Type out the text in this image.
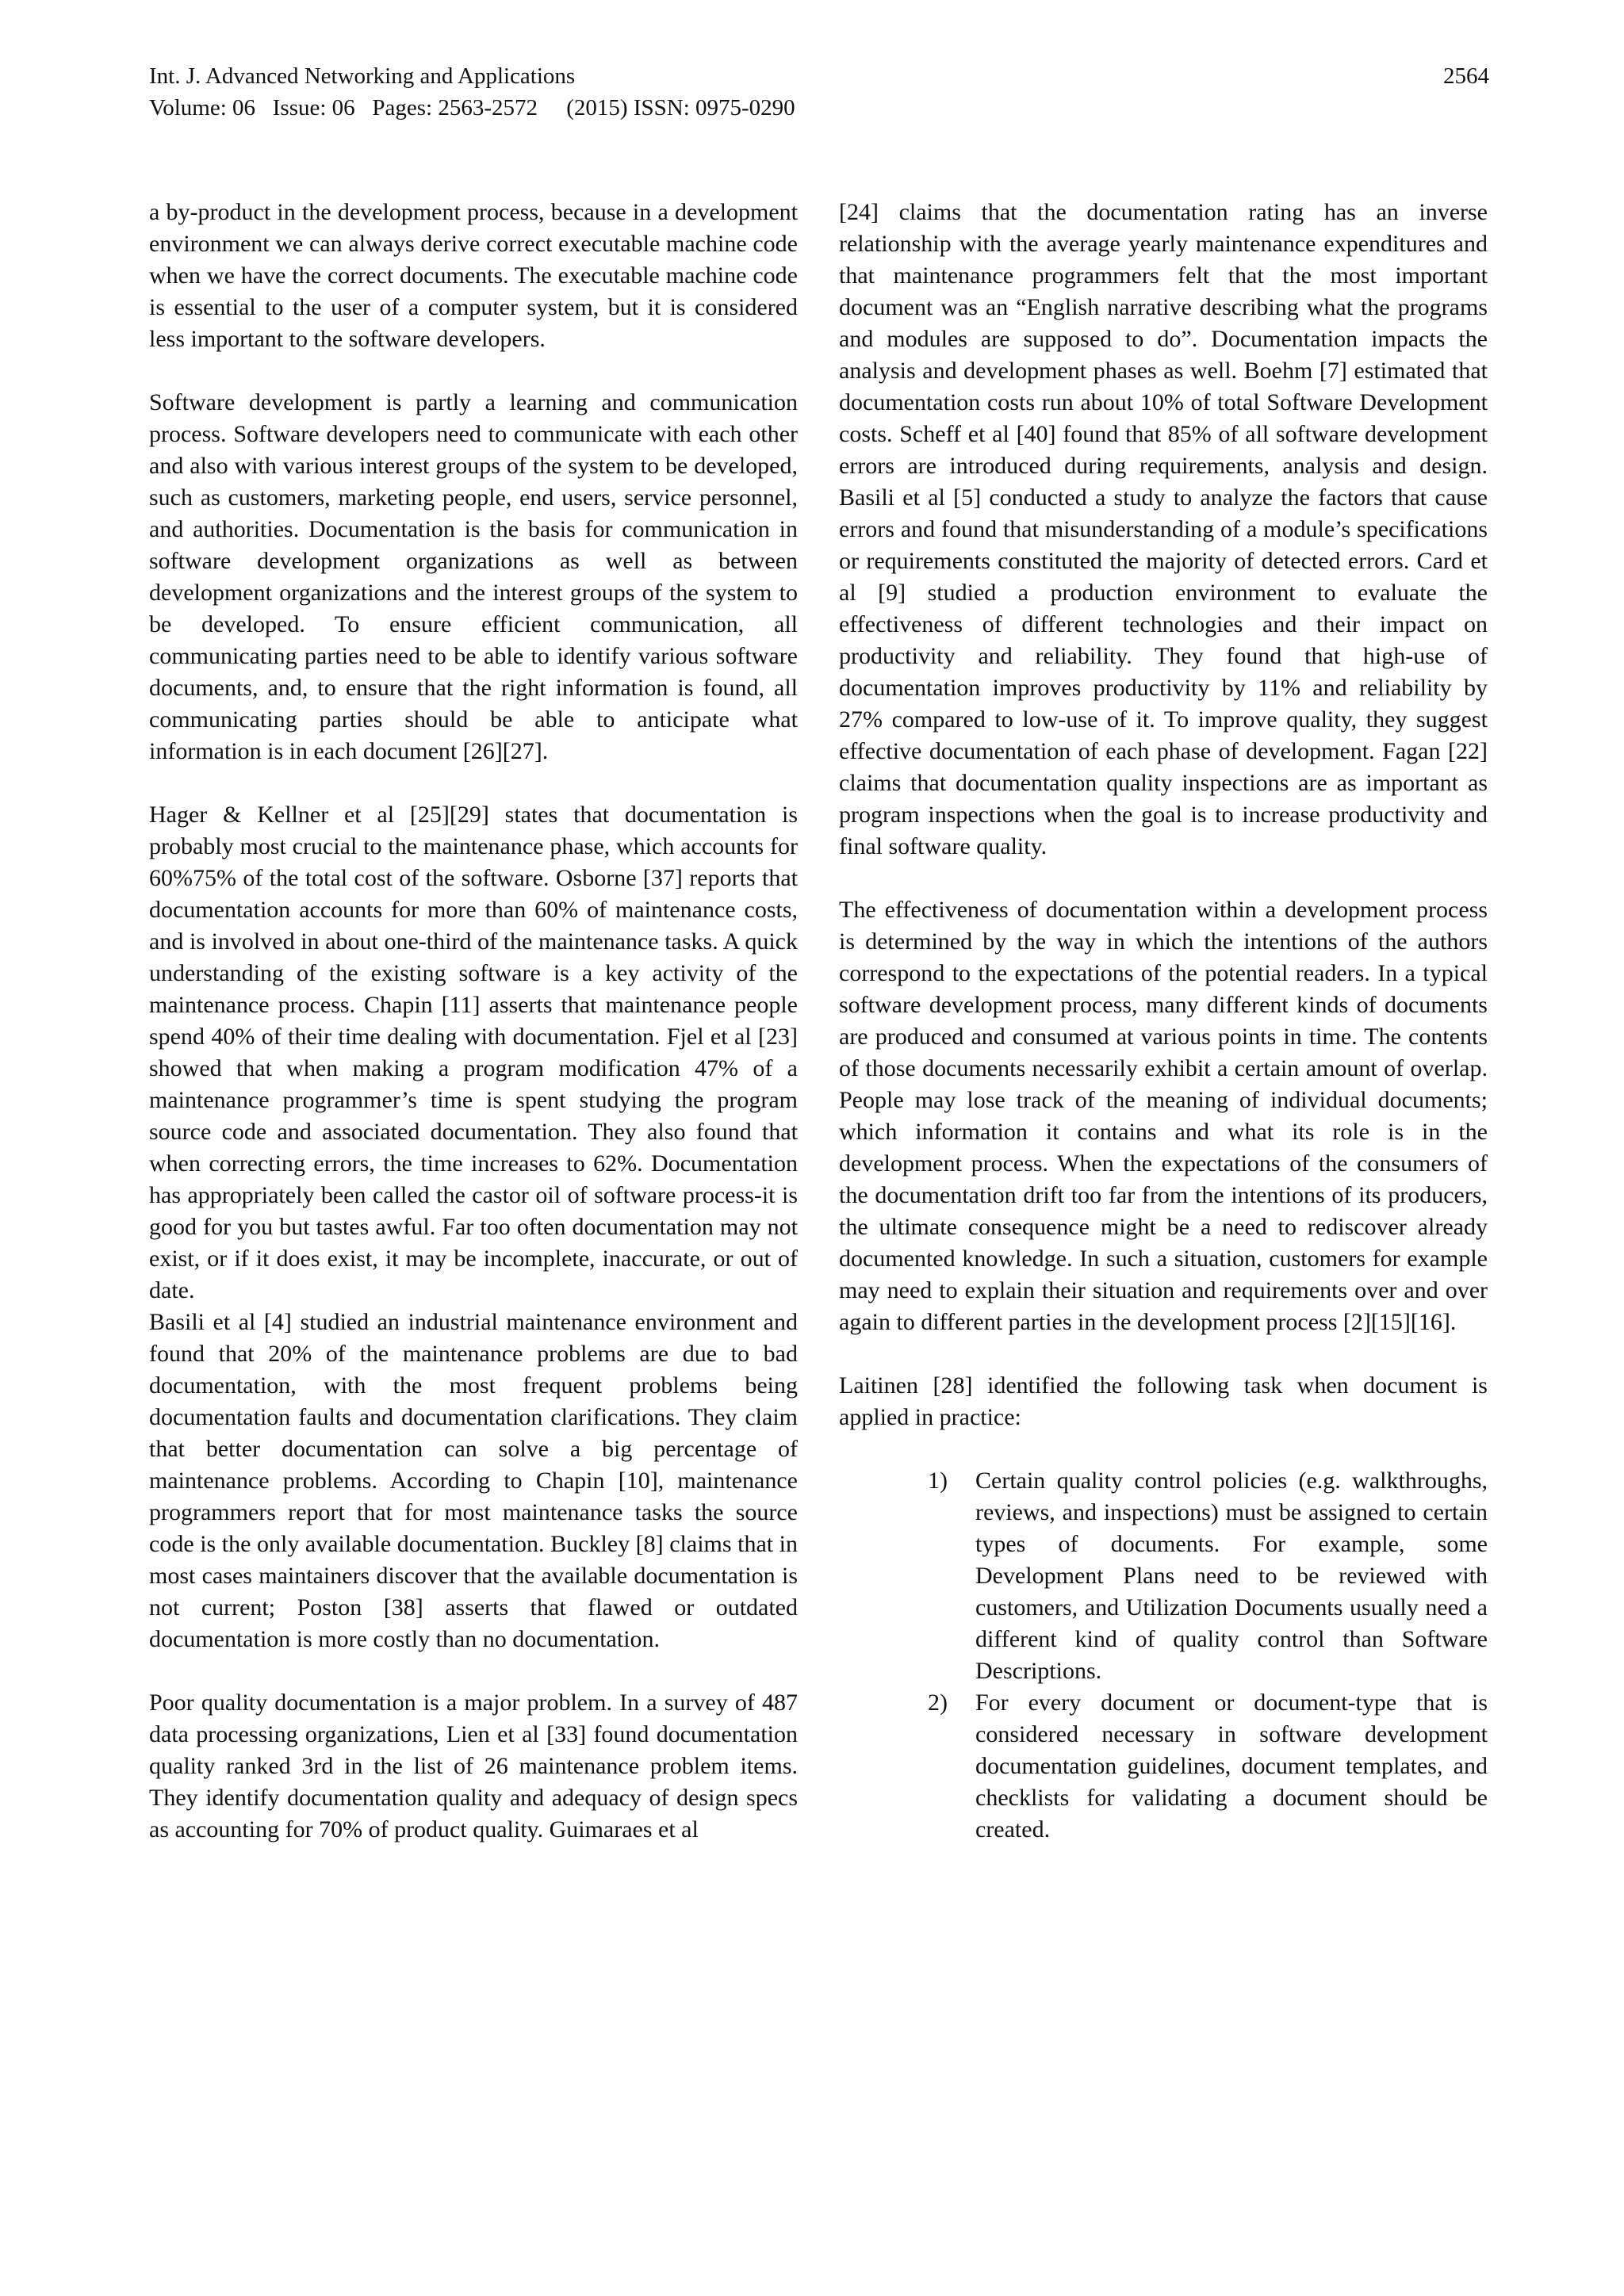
Int. J. Advanced Networking and Applications
Volume: 06   Issue: 06   Pages: 2563-2572     (2015) ISSN: 0975-0290
2564

a by-product in the development process, because in a development environment we can always derive correct executable machine code when we have the correct documents. The executable machine code is essential to the user of a computer system, but it is considered less important to the software developers.

Software development is partly a learning and communication process. Software developers need to communicate with each other and also with various interest groups of the system to be developed, such as customers, marketing people, end users, service personnel, and authorities. Documentation is the basis for communication in software development organizations as well as between development organizations and the interest groups of the system to be developed. To ensure efficient communication, all communicating parties need to be able to identify various software documents, and, to ensure that the right information is found, all communicating parties should be able to anticipate what information is in each document [26][27].

Hager & Kellner et al [25][29] states that documentation is probably most crucial to the maintenance phase, which accounts for 60%75% of the total cost of the software. Osborne [37] reports that documentation accounts for more than 60% of maintenance costs, and is involved in about one-third of the maintenance tasks. A quick understanding of the existing software is a key activity of the maintenance process. Chapin [11] asserts that maintenance people spend 40% of their time dealing with documentation. Fjel et al [23] showed that when making a program modification 47% of a maintenance programmer’s time is spent studying the program source code and associated documentation. They also found that when correcting errors, the time increases to 62%. Documentation has appropriately been called the castor oil of software process-it is good for you but tastes awful. Far too often documentation may not exist, or if it does exist, it may be incomplete, inaccurate, or out of date.

Basili et al [4] studied an industrial maintenance environment and found that 20% of the maintenance problems are due to bad documentation, with the most frequent problems being documentation faults and documentation clarifications. They claim that better documentation can solve a big percentage of maintenance problems. According to Chapin [10], maintenance programmers report that for most maintenance tasks the source code is the only available documentation. Buckley [8] claims that in most cases maintainers discover that the available documentation is not current; Poston [38] asserts that flawed or outdated documentation is more costly than no documentation.

Poor quality documentation is a major problem. In a survey of 487 data processing organizations, Lien et al [33] found documentation quality ranked 3rd in the list of 26 maintenance problem items. They identify documentation quality and adequacy of design specs as accounting for 70% of product quality. Guimaraes et al

[24] claims that the documentation rating has an inverse relationship with the average yearly maintenance expenditures and that maintenance programmers felt that the most important document was an “English narrative describing what the programs and modules are supposed to do”. Documentation impacts the analysis and development phases as well. Boehm [7] estimated that documentation costs run about 10% of total Software Development costs. Scheff et al [40] found that 85% of all software development errors are introduced during requirements, analysis and design. Basili et al [5] conducted a study to analyze the factors that cause errors and found that misunderstanding of a module’s specifications or requirements constituted the majority of detected errors. Card et al [9] studied a production environment to evaluate the effectiveness of different technologies and their impact on productivity and reliability. They found that high-use of documentation improves productivity by 11% and reliability by 27% compared to low-use of it. To improve quality, they suggest effective documentation of each phase of development. Fagan [22] claims that documentation quality inspections are as important as program inspections when the goal is to increase productivity and final software quality.

The effectiveness of documentation within a development process is determined by the way in which the intentions of the authors correspond to the expectations of the potential readers. In a typical software development process, many different kinds of documents are produced and consumed at various points in time. The contents of those documents necessarily exhibit a certain amount of overlap. People may lose track of the meaning of individual documents; which information it contains and what its role is in the development process. When the expectations of the consumers of the documentation drift too far from the intentions of its producers, the ultimate consequence might be a need to rediscover already documented knowledge. In such a situation, customers for example may need to explain their situation and requirements over and over again to different parties in the development process [2][15][16].

Laitinen [28] identified the following task when document is applied in practice:

1) Certain quality control policies (e.g. walkthroughs, reviews, and inspections) must be assigned to certain types of documents. For example, some Development Plans need to be reviewed with customers, and Utilization Documents usually need a different kind of quality control than Software Descriptions.
2) For every document or document-type that is considered necessary in software development documentation guidelines, document templates, and checklists for validating a document should be created.
